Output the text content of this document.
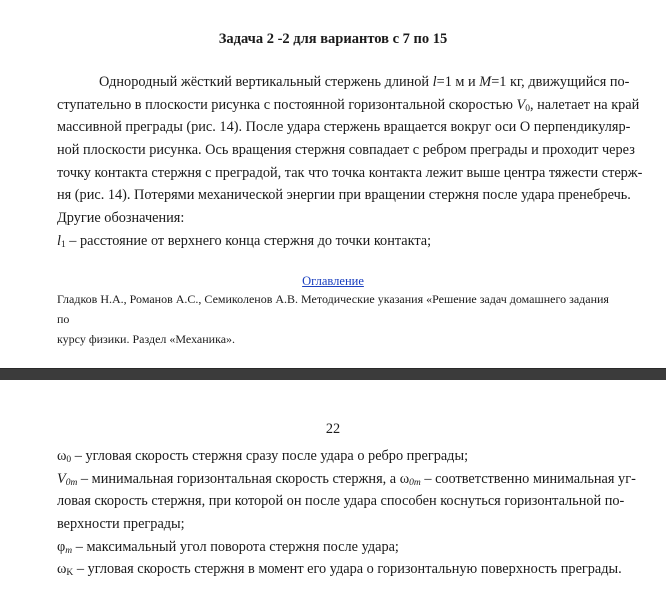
Задача 2 -2 для вариантов с 7 по 15
Однородный жёсткий вертикальный стержень длиной l=1 м и M=1 кг, движущийся по-
ступательно в плоскости рисунка с постоянной горизонтальной скоростью $V_0$, налетает на край
массивной преграды (рис. 14). После удара стержень вращается вокруг оси O перпендикуляр-
ной плоскости рисунка. Ось вращения стержня совпадает с ребром преграды и проходит через
точку контакта стержня с преградой, так что точка контакта лежит выше центра тяжести стерж-
ня (рис. 14). Потерями механической энергии при вращении стержня после удара пренебречь.
Другие обозначения:
$l_1$ – расстояние от верхнего конца стержня до точки контакта;
Оглавление
Гладков Н.А., Романов А.С., Семиколенов А.В. Методические указания «Решение задач домашнего задания по
курсу физики. Раздел «Механика».
22
$\omega_0$ – угловая скорость стержня сразу после удара о ребро преграды;
$V_{0m}$ – минимальная горизонтальная скорость стержня, а $\omega_{0m}$ – соответственно минимальная уг-
ловая скорость стержня, при которой он после удара способен коснуться горизонтальной по-
верхности преграды;
$\varphi_m$ – максимальный угол поворота стержня после удара;
$\omega_K$ – угловая скорость стержня в момент его удара о горизонтальную поверхность преграды.
